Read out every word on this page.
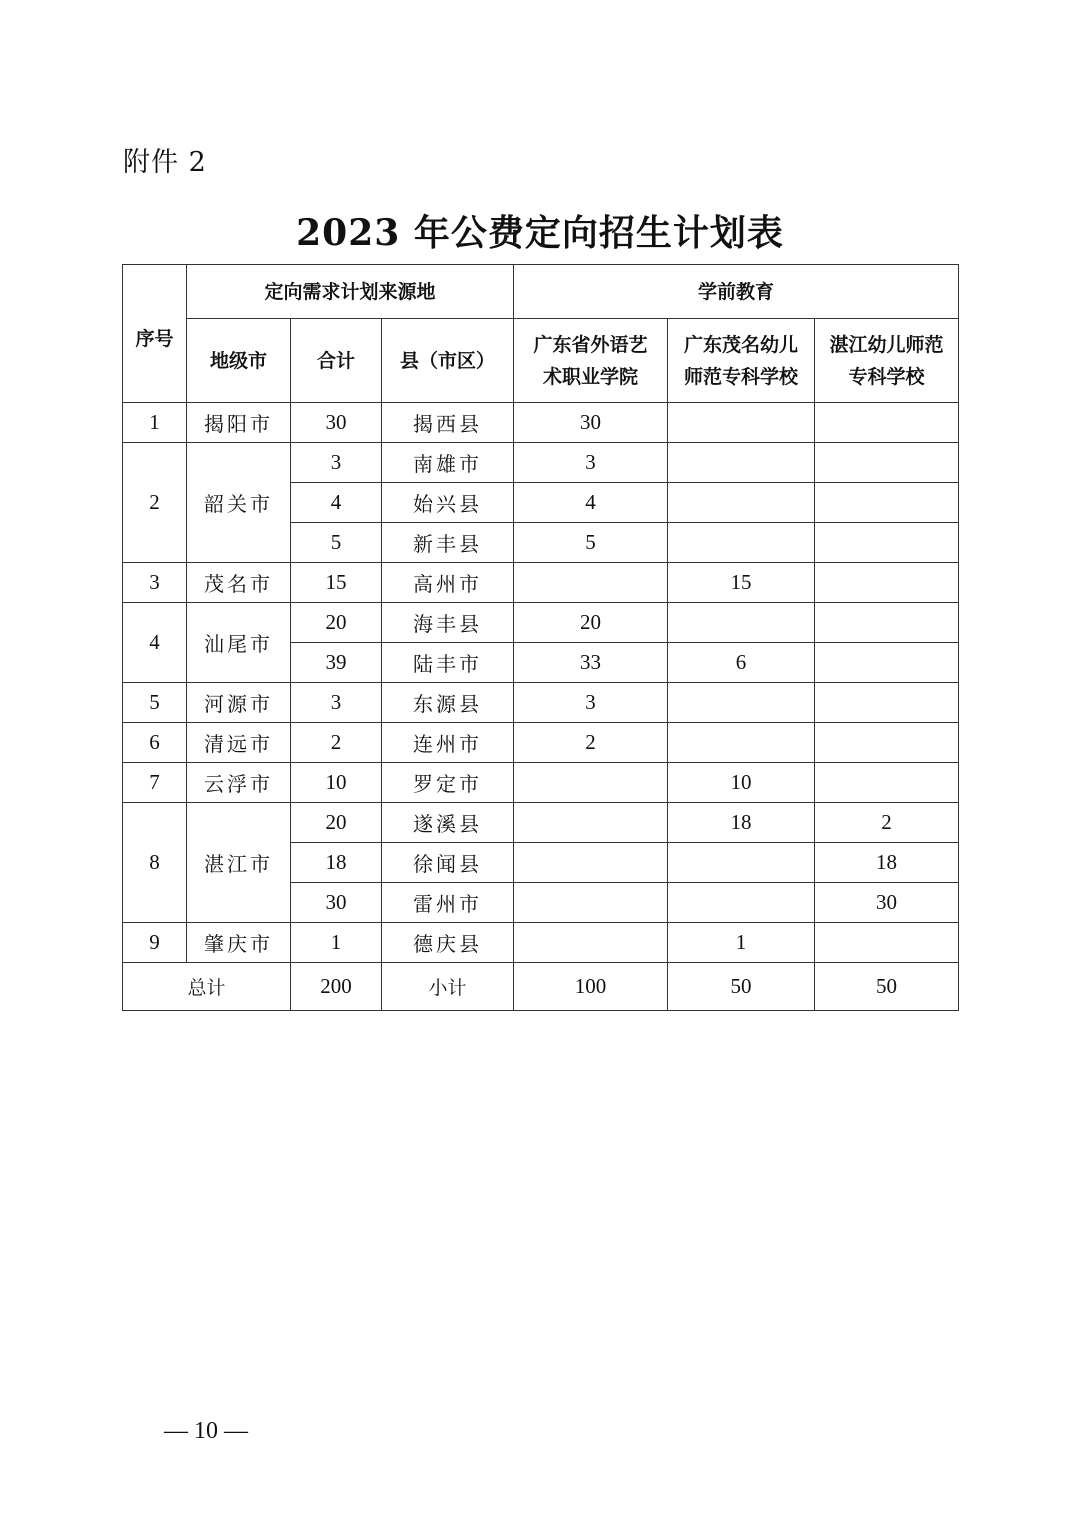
附件 2
2023 年公费定向招生计划表
序号	定向需求计划来源地			学前教育		
	地级市	合计	县（市区）	广东省外语艺术职业学院	广东茂名幼儿师范专科学校	湛江幼儿师范专科学校

1	揭阳市	30	揭西县	30		
2	韶关市	3	南雄市	3		
		4	始兴县	4		
		5	新丰县	5		
3	茂名市	15	高州市		15	
4	汕尾市	20	海丰县	20		
		39	陆丰市	33	6	
5	河源市	3	东源县	3		
6	清远市	2	连州市	2		
7	云浮市	10	罗定市		10	
8	湛江市	20	遂溪县		18	2
		18	徐闻县			18
		30	雷州市			30
9	肇庆市	1	德庆县		1	
总计		200	小计	100	50	50
— 10 —
